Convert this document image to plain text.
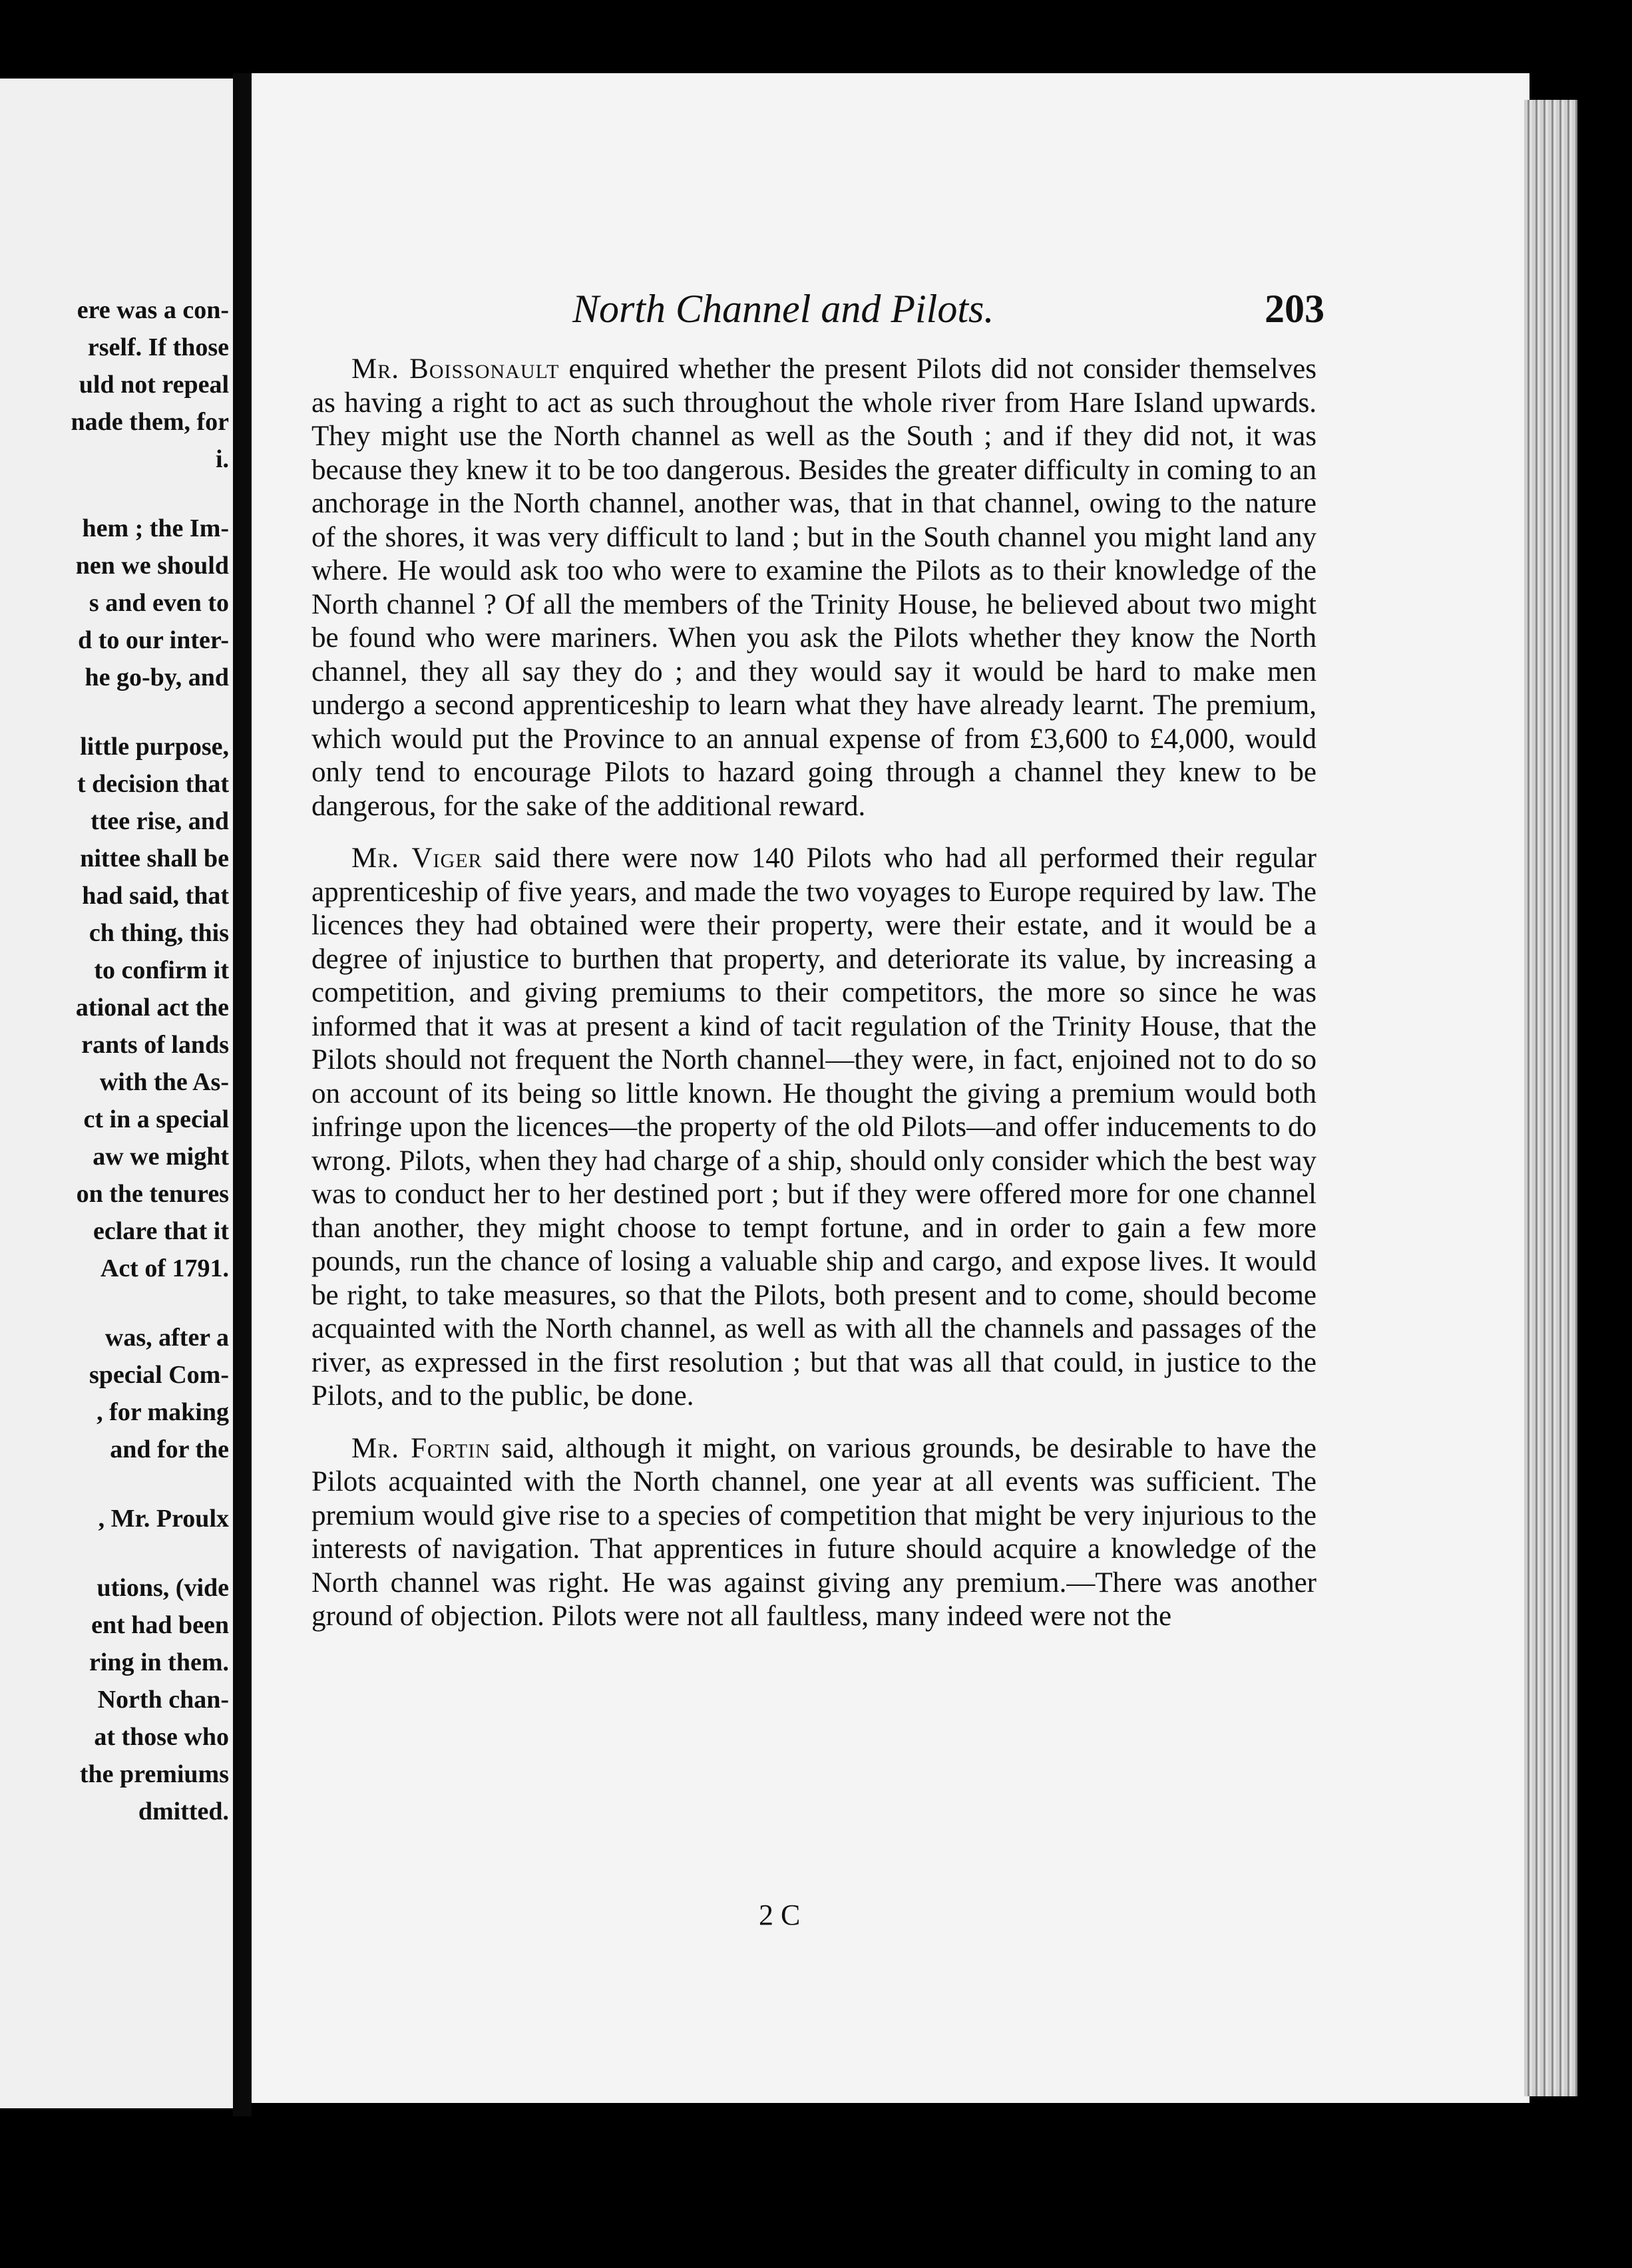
ere was a con-
rself. If those
uld not repeal
nade them, for
i.
hem ; the Im-
nen we should
s and even to
d to our inter-
he go-by, and
little purpose,
t decision that
ttee rise, and
nittee shall be
had said, that
ch thing, this
to confirm it
ational act the
rants of lands
with the As-
ct in a special
aw we might
on the tenures
eclare that it
Act of 1791.
was, after a
special Com-
, for making
and for the
, Mr. Proulx
utions, (vide
ent had been
ring in them.
North chan-
at those who
the premiums
dmitted.
North Channel and Pilots.	203

Mr. Boissonault enquired whether the present Pilots did not consider themselves as having a right to act as such throughout the whole river from Hare Island upwards. They might use the North channel as well as the South ; and if they did not, it was because they knew it to be too dangerous. Besides the greater difficulty in coming to an anchorage in the North channel, another was, that in that channel, owing to the nature of the shores, it was very difficult to land ; but in the South channel you might land any where. He would ask too who were to examine the Pilots as to their knowledge of the North channel ? Of all the members of the Trinity House, he believed about two might be found who were mariners. When you ask the Pilots whether they know the North channel, they all say they do ; and they would say it would be hard to make men undergo a second apprenticeship to learn what they have already learnt. The premium, which would put the Province to an annual expense of from £3,600 to £4,000, would only tend to encourage Pilots to hazard going through a channel they knew to be dangerous, for the sake of the additional reward.

Mr. Viger said there were now 140 Pilots who had all performed their regular apprenticeship of five years, and made the two voyages to Europe required by law. The licences they had obtained were their property, were their estate, and it would be a degree of injustice to burthen that property, and deteriorate its value, by increasing a competition, and giving premiums to their competitors, the more so since he was informed that it was at present a kind of tacit regulation of the Trinity House, that the Pilots should not frequent the North channel—they were, in fact, enjoined not to do so on account of its being so little known. He thought the giving a premium would both infringe upon the licences—the property of the old Pilots—and offer inducements to do wrong. Pilots, when they had charge of a ship, should only consider which the best way was to conduct her to her destined port ; but if they were offered more for one channel than another, they might choose to tempt fortune, and in order to gain a few more pounds, run the chance of losing a valuable ship and cargo, and expose lives. It would be right, to take measures, so that the Pilots, both present and to come, should become acquainted with the North channel, as well as with all the channels and passages of the river, as expressed in the first resolution ; but that was all that could, in justice to the Pilots, and to the public, be done.

Mr. Fortin said, although it might, on various grounds, be desirable to have the Pilots acquainted with the North channel, one year at all events was sufficient. The premium would give rise to a species of competition that might be very injurious to the interests of navigation. That apprentices in future should acquire a knowledge of the North channel was right. He was against giving any premium.—There was another ground of objection. Pilots were not all faultless, many indeed were not the

2 C
